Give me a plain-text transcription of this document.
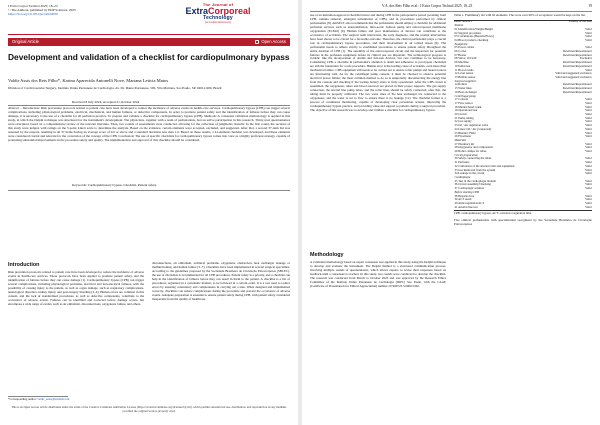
J Extra Corpor Technol 2025; 18–23
© The Authors, published by EDP Sciences, 2025
https://doi.org/10.1051/ject/2024030
The Journal of
ExtraCorporeal
Technology
ject.edpsciences.org
Original Article	Open Access
Development and validation of a checklist for cardiopulmonary bypass
Valdir Assis dos Reis Filho*, Karina Aparecida Antonelli Nove, Mariana Leticia Matos
Division of Cardiovascular Surgery, Instituto Dante Pazzanese de Cardiologia, Av. Dr. Dante Pazzanese, 500, Vila Mariana, Sao Paulo, SP, 04012-909, Brazil
Received 8 July 2024, Accepted 21 October 2024
Abstract – Introduction: Risk prevention protocols related to patient care have been developed to reduce the incidence of adverse events in health-care services. Cardiopulmonary bypass (CPB) can trigger several complications, including physiological problems, electrical, mechanical, and human failures, or defective components. In order to promote patient safety and the identification of failures before they can cause damage, it is necessary to the use of a checklist for all perfusion practice. To prepare and validate a checklist for cardiopulmonary bypass (CPB). Methods: A consensus validation methodology is applied in this study, in which the Delphi technique was structured for the instrument's development. The physicians, together with a team of perfusionists, had an active participation in this research. Thirty-four questionnaires were structured, based on a comprehensive review of the relevant literature. Then, two rounds of assessments were conducted, allowing for the collection of judgments. Results: In the first round, the sections of this study were judged, with ratings on the 5-point Likert scale to determine the analysis. Based on the evidence, certain elements were accepted, excluded, and suggested. After that, a second 37-item list was assessed by the experts, resulting in all 37 items having an average score of 9.0 or above and a standard deviation less than 1.0. Based on these results, a 41-element checklist was developed, and these elements were considered crucial and relevant for the conversion of the concept of the CPB. Conclusion: The use of specific checklists for cardiopulmonary bypass comes into view as a highly proficient strategy, capable of promoting substantial improvements in the procedure safety and quality. The implementation and approval of this checklist should be considered.
Keywords: Cardiopulmonary bypass, Checklist, Patient safety.
Introduction
Risk prevention protocols related to patient care have been developed to reduce the incidence of adverse events in health-care services. These protocols have been applied to promote patient safety, and the identification of failures before they can cause damage [1]. Cardiopulmonary bypass (CPB) can trigger several complications, including physiological problems, electrical and non-electrical failures, with the possibility of causing injury to the patient, as well as organ damage, such as respiratory complications, neurological disorders, kidney injury, and post-surgery bleeding [2–4]. Human errors are common in this context, and the lack of standardized procedures, as well as defective components, contribute to the occurrence of adverse events. Failures can be identified and corrected before damage occurs, but encompass a wide range of events, such as air embolism, disconnections, oxygenator failure, and others.
disconnections, air embolism, technical problems, oxygenator obstruction, heat exchanger leakage or malfunctioning, and human failure [5–7]. Checklists have been implemented in several surgical specialties. According to the guidelines proposed by the Sociedade Brasileira de Circulação Extracorpórea (SBCEC), the use of checklists is recommended for all CPB procedures. Patient safety is a priority, and a checklist can help in the identification of failures before they can result in harm to the patient. A checklist is a list of procedures, organized in a systematic manner, to be followed in a certain order. It is a tool used to reduce errors by ensuring consistency and completeness in carrying out a task. When designed and implemented correctly, checklists can reduce complications during the procedure and prevent the occurrence of adverse events. Adequate preparation is essential to ensure patient safety during CPB, with patient safety considered inseparable from the quality of healthcare.
*Corresponding author: valdir_assis@hotmail.com
This is an Open Access article distributed under the terms of the Creative Commons Attribution License (https://creativecommons.org/licenses/by/4.0), which permits unrestricted use, distribution, and reproduction in any medium, provided the original work is properly cited.
V.A. dos Reis Filho et al.: J Extra Corpor Technol 2025, 18–23	19
use of an institution-approved checklist before and during CPB in the perioperative period (weaning from CPB, cannula removal, emergent reinstitution of CPB), and in procedures performed by clinical perfusionists [8]. AmSECT also recommends that the perfusionist should employ a checklist for additional perfusion services such as autotransfusion, intra-aortic balloon pump and extracorporeal membrane oxygenation (ECMO) [9]. Human failure and poor maintenance of devices can contribute to the occurrence of accidents. The surgical team interaction, the early diagnosis, and the prompt intervention have been shown to be crucial for a favorable outcome. Therefore, the clinical perfusionist plays a crucial role in cardiopulmonary bypass procedures, and their involvement in all related issues [6]. The perfusionist needs to adhere strictly to established procedures to ensure patient safety throughout the entire duration of CPB [1]. The assembly of the extracorporeal circuit and the inspection for potential failures in the perfusion equipment before its clinical use are important. The technological progress is evident: like the incorporation of alarms and fail-safe devices, but care continues to be necessary. Considering CPB, a checklist in perfusionist's attention is detail and adherence to pre-bypass checklists are still the foundation for a safe procedure. Human error is the leading cause of accidents, even more than mechanical failure. CPB equipment still needs to be carried out to ensure roller pumps and heater/coolers are functioning well. As for the centrifugal pump console, it must be checked to observe potential electrical power failure; the most common method to do so is temporarily disconnecting the energy line from the console and checking if the backup battery starts to fully operational. After the CPB circuit is assembled, the oxygenator, tubes and blood reservoir are placed in their proper supports. The gas supply connection, the arterial line pump tubes, and the roller lines should be safely connected; after that, the tubing must be properly calibrated. The two water lines of the heat exchanger are connected to the oxygenator, and the water is set to flow to ensure there is no leakage [12]. The checklist format is a process of continuous monitoring, capable of developing clear prevention actions, improving the cardiopulmonary bypass practice, and providing value and support to patients during a surgical procedure. The objective of this research was to develop and validate a checklist for cardiopulmonary bypass.
Methodology
A validation methodology based on expert consensus was applied in this study, using the Delphi technique to develop and evaluate the instrument. The Delphi method is a structured communication process, involving multiple rounds of questionnaires, which allows experts to revise their responses based on feedback until a consensus is reached. In this study, two rounds were conducted to develop the checklist. The research was conducted from March to October 2023 and was approved by the Research Ethics Committee of the Instituto Dante Pazzanese de Cardiologia (IDPC) Sao Paulo, with the CAAE [Certificate of Presentation for Ethical Appreciation] number: 67490723.5.0000.5462.
Table 1. Preliminary list with 62 elements. The score over 90% of acceptance would be kept on the list.
Items version 1	Validity of the item
Patient	
01 Identification/Weight/Height	Valid
02 Surgical procedure	Valid
03 Calculations (Heparin/Flows)	Valid
04 Blood products checking	Valid
Equipment	
05 Power cables	Valid
06 Cooler	Rewritten/Repositioned
07 Heater	Rewritten/Repositioned
08 Valve: 110/220	Excluded
09 Machine	Rewritten/Repositioned
10 Initial test	Rewritten/Repositioned
11 Blood cardio	Valid
12 Level sensor	Valid and suggested exclusion
13 Bubble sensor	Valid and suggested exclusion
Surgical suppliers	
14 Rollers	Rewritten/Repositioned
15 Water lines	Rewritten/Repositioned
16 Heat exchanger	Rewritten/Repositioned
Centrifugal pump	
17 Console	Valid
17 Flow sensor	Valid
18 Manual hand crank	Valid
19 Operational test	Valid
20 Circuit	Valid
21 Pump tubing	Valid
22 Gas supply	Valid
23 O2 / Air regulation valve	Valid
24 Lines: O2 / Air (connected)	Valid
25 Blender: FIO2	Valid
26 Flowmeter	Valid
Materials	
27 Pharmacy kit	Valid
28 Oxygenator and components	Valid
29 Roller clamps for tubes	Valid
Circuit preparation	
30 Safety connecting the tubes	Valid
31 Perfusate	Valid
32 Calibration of the arterial roller and equipment	Valid
33 Gas Removed from the system	Valid
34 Leakage in the circuit	Valid
Cardioplegia	
35 Test in the cardioplegia module	Valid
36 Circuit assembly/Checking	Valid
37 Cardioplegic solution	Valid
Before starting CPB	
38 Heparin dose	Valid
39 ACT result	Valid
40 Anticoagulation/ACT	Valid
41 Arterial line test	Valid
CPB: cardiopulmonary bypass; ACT: activated coagulation time.
Five clinical perfusionists with specialization recognized by the Sociedade Brasileira de Circulação Extracorpórea
